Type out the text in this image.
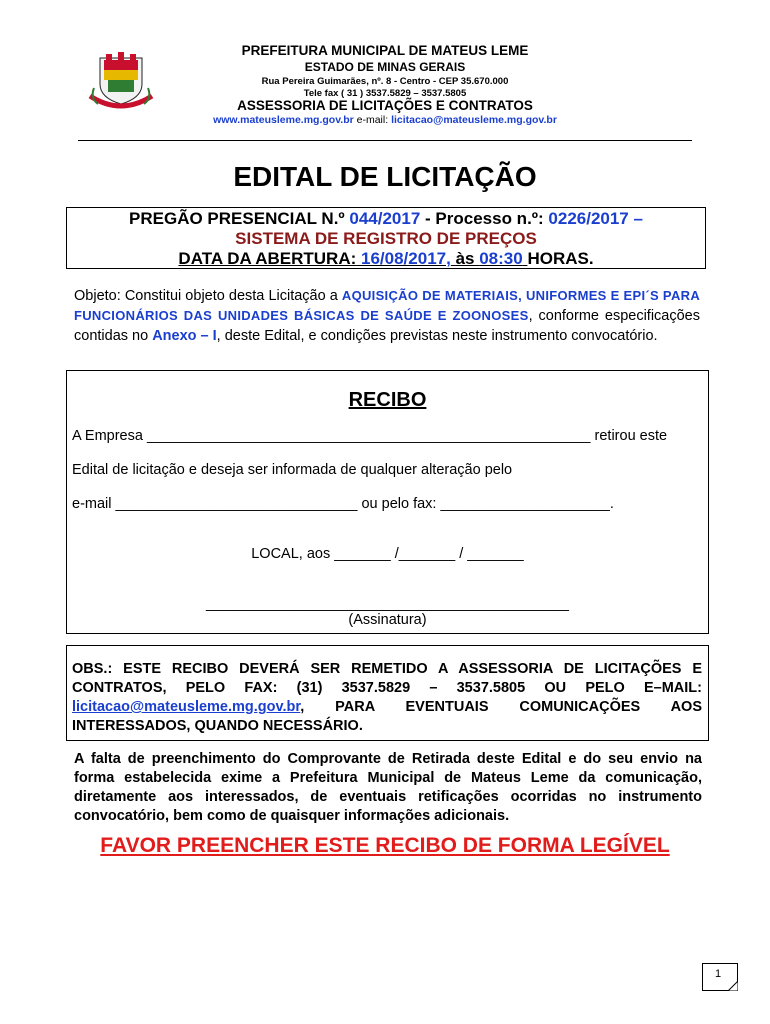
PREFEITURA MUNICIPAL DE MATEUS LEME
ESTADO DE MINAS GERAIS
Rua Pereira Guimarães, nº. 8 - Centro - CEP 35.670.000
Tele fax ( 31 ) 3537.5829 – 3537.5805
ASSESSORIA DE LICITAÇÕES E CONTRATOS
www.mateusleme.mg.gov.br e-mail: licitacao@mateusleme.mg.gov.br
EDITAL DE LICITAÇÃO
PREGÃO PRESENCIAL N.º 044/2017 - Processo n.º: 0226/2017 –
SISTEMA DE REGISTRO DE PREÇOS
DATA DA ABERTURA: 16/08/2017, às 08:30 HORAS.
Objeto: Constitui objeto desta Licitação a AQUISIÇÃO DE MATERIAIS, UNIFORMES E EPI´S PARA FUNCIONÁRIOS DAS UNIDADES BÁSICAS DE SAÚDE E ZOONOSES, conforme especificações contidas no Anexo – I, deste Edital, e condições previstas neste instrumento convocatório.
RECIBO
A Empresa _______________________________________________________ retirou este
Edital de licitação e deseja ser informada de qualquer alteração pelo
e-mail ______________________________ ou pelo fax: _____________________.
LOCAL, aos _______ /_______ / _______
_____________________________________________
(Assinatura)
OBS.: ESTE RECIBO DEVERÁ SER REMETIDO A ASSESSORIA DE LICITAÇÕES E CONTRATOS, PELO FAX: (31) 3537.5829 – 3537.5805 OU PELO E–MAIL: licitacao@mateusleme.mg.gov.br, PARA EVENTUAIS COMUNICAÇÕES AOS INTERESSADOS, QUANDO NECESSÁRIO.
A falta de preenchimento do Comprovante de Retirada deste Edital e do seu envio na forma estabelecida exime a Prefeitura Municipal de Mateus Leme da comunicação, diretamente aos interessados, de eventuais retificações ocorridas no instrumento convocatório, bem como de quaisquer informações adicionais.
FAVOR PREENCHER ESTE RECIBO DE FORMA LEGÍVEL
1
